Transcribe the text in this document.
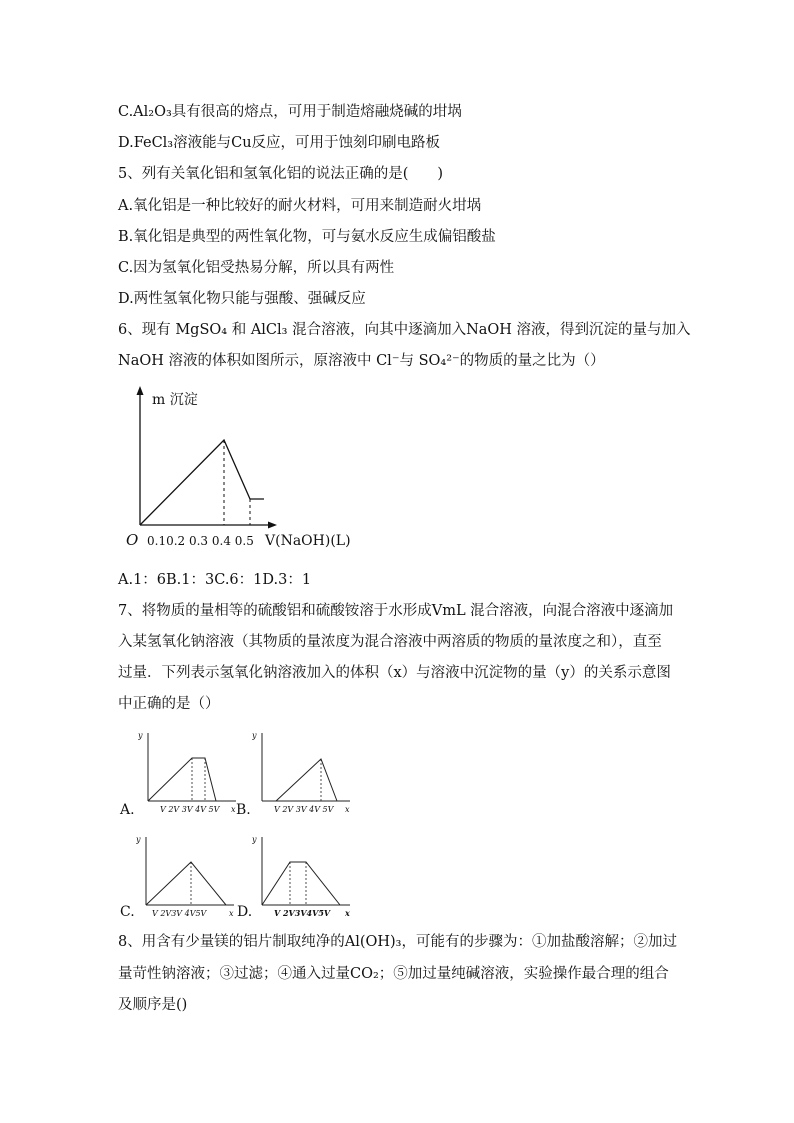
C.Al₂O₃具有很高的熔点，可用于制造熔融烧碱的坩埚
D.FeCl₃溶液能与Cu反应，可用于蚀刻印刷电路板
5、列有关氧化铝和氢氧化铝的说法正确的是(　　)
A.氧化铝是一种比较好的耐火材料，可用来制造耐火坩埚
B.氧化铝是典型的两性氧化物，可与氨水反应生成偏铝酸盐
C.因为氢氧化铝受热易分解，所以具有两性
D.两性氢氧化物只能与强酸、强碱反应
6、现有 MgSO₄ 和 AlCl₃ 混合溶液，向其中逐滴加入NaOH 溶液，得到沉淀的量与加入
NaOH 溶液的体积如图所示，原溶液中 Cl⁻与 SO₄²⁻的物质的量之比为（）
m 沉淀
O 0.10.2 0.3 0.4 0.5 V(NaOH)(L)
A.1：6B.1：3C.6：1D.3：1
7、将物质的量相等的硫酸铝和硫酸铵溶于水形成VmL 混合溶液，向混合溶液中逐滴加
入某氢氧化钠溶液（其物质的量浓度为混合溶液中两溶质的物质的量浓度之和），直至
过量．下列表示氢氧化钠溶液加入的体积（x）与溶液中沉淀物的量（y）的关系示意图
中正确的是（）
y
V 2V 3V 4V 5V x
A.
y
V 2V 3V 4V 5V x
B.
y
V 2V3V 4V5V	x
C.
y
V 2V3V4V5V x
D.
8、用含有少量镁的铝片制取纯净的Al(OH)₃，可能有的步骤为：①加盐酸溶解；②加过
量苛性钠溶液；③过滤；④通入过量CO₂；⑤加过量纯碱溶液，实验操作最合理的组合
及顺序是()
